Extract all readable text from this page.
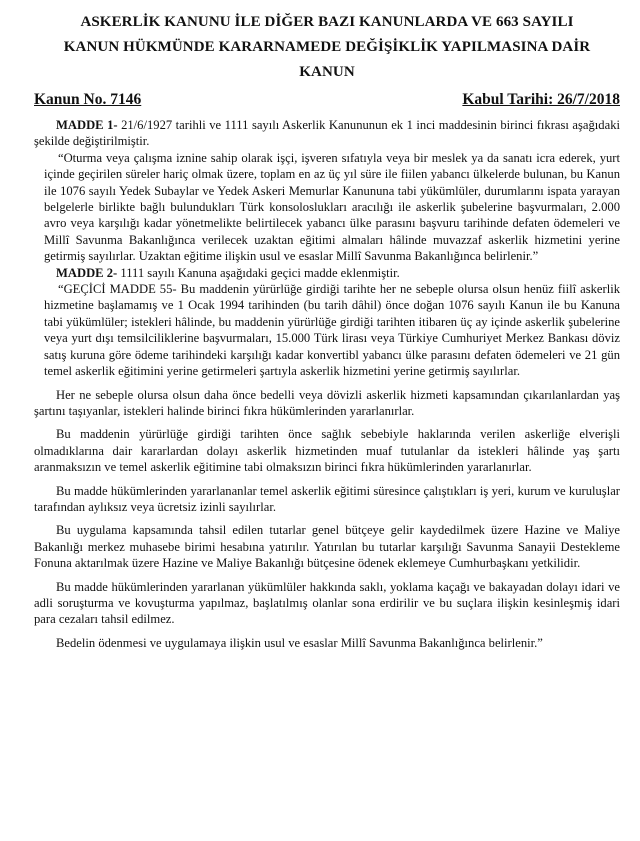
ASKERLİK KANUNU İLE DİĞER BAZI KANUNLARDA VE 663 SAYILI
KANUN HÜKMÜNDE KARARNAMEDE DEĞİŞİKLİK YAPILMASINA DAİR
KANUN
Kanun No. 7146	Kabul Tarihi: 26/7/2018

MADDE 1- 21/6/1927 tarihli ve 1111 sayılı Askerlik Kanununun ek 1 inci maddesinin birinci fıkrası aşağıdaki şekilde değiştirilmiştir.

“Oturma veya çalışma iznine sahip olarak işçi, işveren sıfatıyla veya bir meslek ya da sanatı icra ederek, yurt içinde geçirilen süreler hariç olmak üzere, toplam en az üç yıl süre ile fiilen yabancı ülkelerde bulunan, bu Kanun ile 1076 sayılı Yedek Subaylar ve Yedek Askeri Memurlar Kanununa tabi yükümlüler, durumlarını ispata yarayan belgelerle birlikte bağlı bulundukları Türk konsoloslukları aracılığı ile askerlik şubelerine başvurmaları, 2.000 avro veya karşılığı kadar yönetmelikte belirtilecek yabancı ülke parasını başvuru tarihinde defaten ödemeleri ve Millî Savunma Bakanlığınca verilecek uzaktan eğitimi almaları hâlinde muvazzaf askerlik hizmetini yerine getirmiş sayılırlar. Uzaktan eğitime ilişkin usul ve esaslar Millî Savunma Bakanlığınca belirlenir.”

MADDE 2- 1111 sayılı Kanuna aşağıdaki geçici madde eklenmiştir.

“GEÇİCİ MADDE 55- Bu maddenin yürürlüğe girdiği tarihte her ne sebeple olursa olsun henüz fiilî askerlik hizmetine başlamamış ve 1 Ocak 1994 tarihinden (bu tarih dâhil) önce doğan 1076 sayılı Kanun ile bu Kanuna tabi yükümlüler; istekleri hâlinde, bu maddenin yürürlüğe girdiği tarihten itibaren üç ay içinde askerlik şubelerine veya yurt dışı temsilciliklerine başvurmaları, 15.000 Türk lirası veya Türkiye Cumhuriyet Merkez Bankası döviz satış kuruna göre ödeme tarihindeki karşılığı kadar konvertibl yabancı ülke parasını defaten ödemeleri ve 21 gün temel askerlik eğitimini yerine getirmeleri şartıyla askerlik hizmetini yerine getirmiş sayılırlar.

Her ne sebeple olursa olsun daha önce bedelli veya dövizli askerlik hizmeti kapsamından çıkarılanlardan yaş şartını taşıyanlar, istekleri halinde birinci fıkra hükümlerinden yararlanırlar.

Bu maddenin yürürlüğe girdiği tarihten önce sağlık sebebiyle haklarında verilen askerliğe elverişli olmadıklarına dair kararlardan dolayı askerlik hizmetinden muaf tutulanlar da istekleri hâlinde yaş şartı aranmaksızın ve temel askerlik eğitimine tabi olmaksızın birinci fıkra hükümlerinden yararlanırlar.

Bu madde hükümlerinden yararlananlar temel askerlik eğitimi süresince çalıştıkları iş yeri, kurum ve kuruluşlar tarafından aylıksız veya ücretsiz izinli sayılırlar.

Bu uygulama kapsamında tahsil edilen tutarlar genel bütçeye gelir kaydedilmek üzere Hazine ve Maliye Bakanlığı merkez muhasebe birimi hesabına yatırılır. Yatırılan bu tutarlar karşılığı Savunma Sanayii Destekleme Fonuna aktarılmak üzere Hazine ve Maliye Bakanlığı bütçesine ödenek eklemeye Cumhurbaşkanı yetkilidir.

Bu madde hükümlerinden yararlanan yükümlüler hakkında saklı, yoklama kaçağı ve bakayadan dolayı idari ve adli soruşturma ve kovuşturma yapılmaz, başlatılmış olanlar sona erdirilir ve bu suçlara ilişkin kesinleşmiş idari para cezaları tahsil edilmez.

Bedelin ödenmesi ve uygulamaya ilişkin usul ve esaslar Millî Savunma Bakanlığınca belirlenir.”
